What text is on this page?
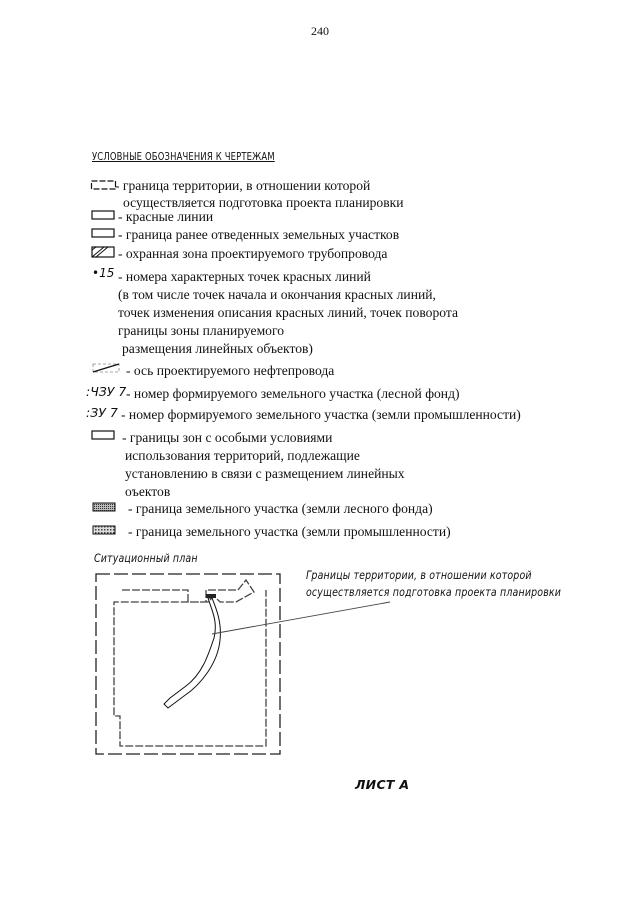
240
УСЛОВНЫЕ ОБОЗНАЧЕНИЯ К ЧЕРТЕЖАМ
•15
:ЧЗУ 7
:ЗУ 7
- граница территории, в отношении которой
осуществляется подготовка проекта планировки
- красные линии
- граница ранее отведенных земельных участков
- охранная зона проектируемого трубопровода
- номера характерных точек красных линий
(в том числе точек начала и окончания красных линий,
точек изменения описания красных линий, точек поворота
границы зоны планируемого
размещения линейных объектов)
- ось проектируемого нефтепровода
- номер формируемого земельного участка (лесной фонд)
- номер формируемого земельного участка (земли промышленности)
- границы зон с особыми условиями
использования территорий, подлежащие
установлению в связи с размещением линейных
оъектов
- граница земельного участка (земли лесного фонда)
- граница земельного участка (земли промышленности)
Ситуационный план
Границы территории, в отношении которой
осуществляется подготовка проекта планировки
ЛИСТ А
